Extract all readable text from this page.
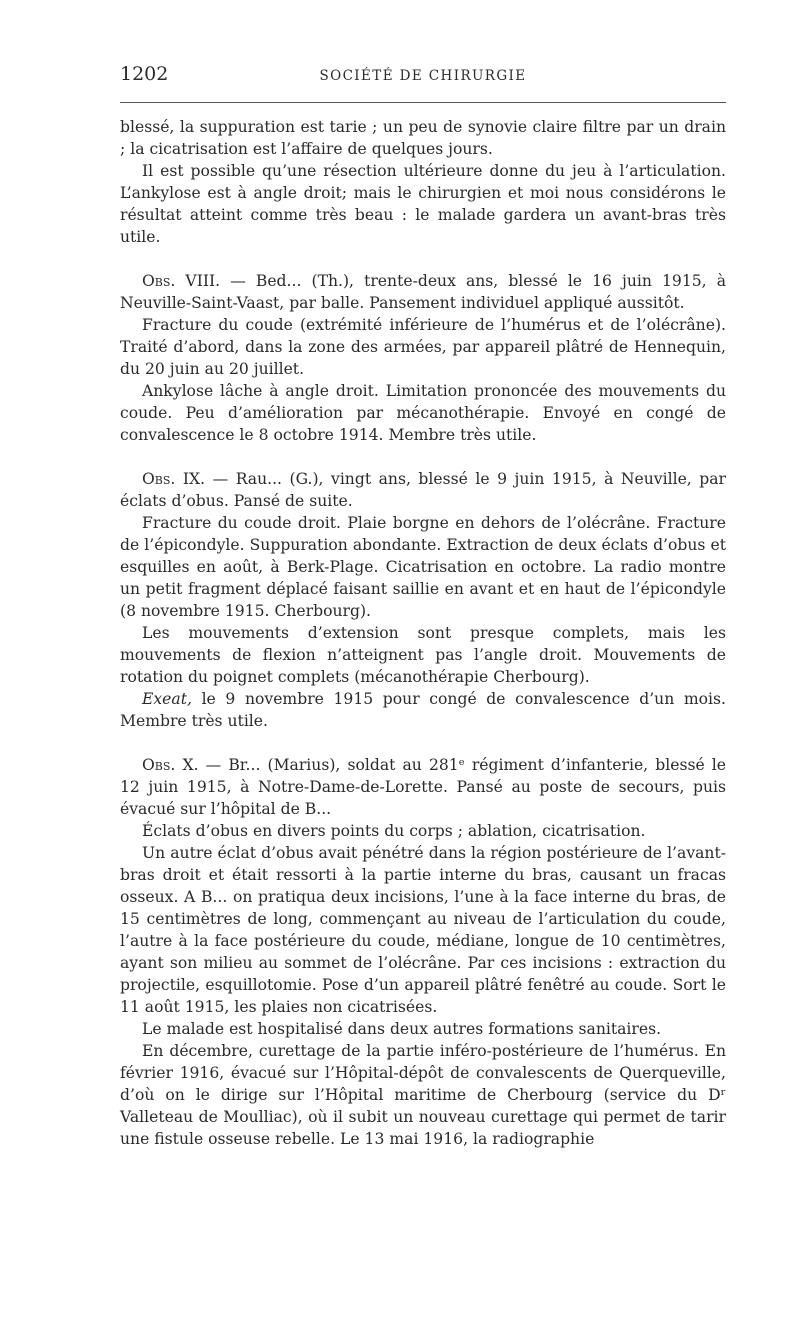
1202	SOCIÉTÉ DE CHIRURGIE

blessé, la suppuration est tarie ; un peu de synovie claire filtre par un drain ; la cicatrisation est l’affaire de quelques jours.

Il est possible qu’une résection ultérieure donne du jeu à l’articulation. L’ankylose est à angle droit; mais le chirurgien et moi nous considérons le résultat atteint comme très beau : le malade gardera un avant-bras très utile.

Obs. VIII. — Bed... (Th.), trente-deux ans, blessé le 16 juin 1915, à Neuville-Saint-Vaast, par balle. Pansement individuel appliqué aussitôt.

Fracture du coude (extrémité inférieure de l’humérus et de l’olécrâne). Traité d’abord, dans la zone des armées, par appareil plâtré de Hennequin, du 20 juin au 20 juillet.

Ankylose lâche à angle droit. Limitation prononcée des mouvements du coude. Peu d’amélioration par mécanothérapie. Envoyé en congé de convalescence le 8 octobre 1914. Membre très utile.

Obs. IX. — Rau... (G.), vingt ans, blessé le 9 juin 1915, à Neuville, par éclats d’obus. Pansé de suite.

Fracture du coude droit. Plaie borgne en dehors de l’olécrâne. Fracture de l’épicondyle. Suppuration abondante. Extraction de deux éclats d’obus et esquilles en août, à Berk-Plage. Cicatrisation en octobre. La radio montre un petit fragment déplacé faisant saillie en avant et en haut de l’épicondyle (8 novembre 1915. Cherbourg).

Les mouvements d’extension sont presque complets, mais les mouvements de flexion n’atteignent pas l’angle droit. Mouvements de rotation du poignet complets (mécanothérapie Cherbourg).

Exeat, le 9 novembre 1915 pour congé de convalescence d’un mois. Membre très utile.

Obs. X. — Br... (Marius), soldat au 281ᵉ régiment d’infanterie, blessé le 12 juin 1915, à Notre-Dame-de-Lorette. Pansé au poste de secours, puis évacué sur l’hôpital de B...

Éclats d’obus en divers points du corps ; ablation, cicatrisation.

Un autre éclat d’obus avait pénétré dans la région postérieure de l’avant-bras droit et était ressorti à la partie interne du bras, causant un fracas osseux. A B... on pratiqua deux incisions, l’une à la face interne du bras, de 15 centimètres de long, commençant au niveau de l’articulation du coude, l’autre à la face postérieure du coude, médiane, longue de 10 centimètres, ayant son milieu au sommet de l’olécrâne. Par ces incisions : extraction du projectile, esquillotomie. Pose d’un appareil plâtré fenêtré au coude. Sort le 11 août 1915, les plaies non cicatrisées.

Le malade est hospitalisé dans deux autres formations sanitaires.

En décembre, curettage de la partie inféro-postérieure de l’humérus. En février 1916, évacué sur l’Hôpital-dépôt de convalescents de Querqueville, d’où on le dirige sur l’Hôpital maritime de Cherbourg (service du Dʳ Valleteau de Moulliac), où il subit un nouveau curettage qui permet de tarir une fistule osseuse rebelle. Le 13 mai 1916, la radiographie
